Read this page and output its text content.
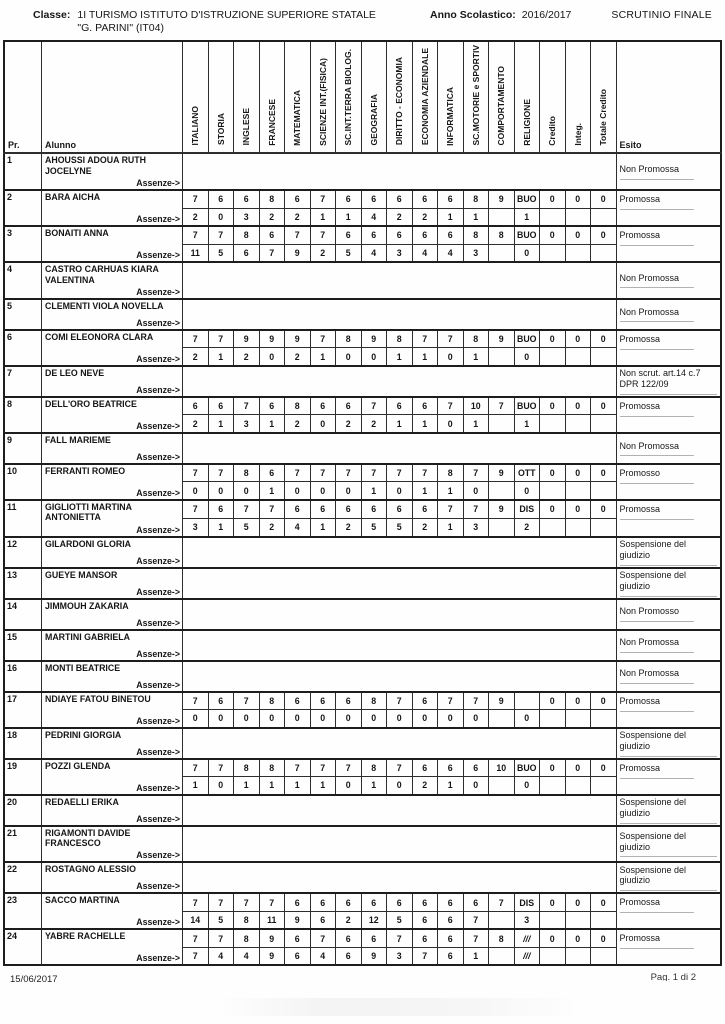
Classe: 1I TURISMO ISTITUTO D'ISTRUZIONE SUPERIORE STATALE
"G. PARINI" (IT04)
Anno Scolastico: 2016/2017	SCRUTINIO FINALE
Pr.	Alunno	ITALIANO	STORIA	INGLESE	FRANCESE	MATEMATICA	SCIENZE INT.(FISICA)	SC.INT.TERRA BIOLOG.	GEOGRAFIA	DIRITTO - ECONOMIA	ECONOMIA AZIENDALE	INFORMATICA	SC.MOTORIE e SPORTIV	COMPORTAMENTO	RELIGIONE	Credito	Integ.	Totale Credito	Esito
1	AHOUSSI ADOUA RUTH JOCELYNE
Assenze->																		Non Promossa
2	BARA AICHA
Assenze->	7	6	6	8	6	7	6	6	6	6	6	8	9	BUO	0	0	0	Promossa
		2	0	3	2	2	1	1	4	2	2	1	1		1				
3	BONAITI ANNA
Assenze->	7	7	8	6	7	7	6	6	6	6	6	8	8	BUO	0	0	0	Promossa
		11	5	6	7	9	2	5	4	3	4	4	3		0				
4	CASTRO CARHUAS KIARA VALENTINA
Assenze->																		Non Promossa
5	CLEMENTI VIOLA NOVELLA
Assenze->																		Non Promossa
6	COMI ELEONORA CLARA
Assenze->	7	7	9	9	9	7	8	9	8	7	7	8	9	BUO	0	0	0	Promossa
		2	1	2	0	2	1	0	0	1	1	0	1		0				
7	DE LEO NEVE
Assenze->																		Non scrut. art.14 c.7 DPR 122/09
8	DELL'ORO BEATRICE
Assenze->	6	6	7	6	8	6	6	7	6	6	7	10	7	BUO	0	0	0	Promossa
		2	1	3	1	2	0	2	2	1	1	0	1		1				
9	FALL MARIEME
Assenze->																		Non Promossa
10	FERRANTI ROMEO
Assenze->	7	7	8	6	7	7	7	7	7	7	8	7	9	OTT	0	0	0	Promosso
		0	0	0	1	0	0	0	1	0	1	1	0		0				
11	GIGLIOTTI MARTINA ANTONIETTA
Assenze->	7	6	7	7	6	6	6	6	6	6	7	7	9	DIS	0	0	0	Promossa
		3	1	5	2	4	1	2	5	5	2	1	3		2				
12	GILARDONI GLORIA
Assenze->																		Sospensione del giudizio
13	GUEYE MANSOR
Assenze->																		Sospensione del giudizio
14	JIMMOUH ZAKARIA
Assenze->																		Non Promosso
15	MARTINI GABRIELA
Assenze->																		Non Promossa
16	MONTI BEATRICE
Assenze->																		Non Promossa
17	NDIAYE FATOU BINETOU
Assenze->	7	6	7	8	6	6	6	8	7	6	7	7	9		0	0	0	Promossa
		0	0	0	0	0	0	0	0	0	0	0	0		0				
18	PEDRINI GIORGIA
Assenze->																		Sospensione del giudizio
19	POZZI GLENDA
Assenze->	7	7	8	8	7	7	7	8	7	6	6	6	10	BUO	0	0	0	Promossa
		1	0	1	1	1	1	0	1	0	2	1	0		0				
20	REDAELLI ERIKA
Assenze->																		Sospensione del giudizio
21	RIGAMONTI DAVIDE FRANCESCO
Assenze->																		Sospensione del giudizio
22	ROSTAGNO ALESSIO
Assenze->																		Sospensione del giudizio
23	SACCO MARTINA
Assenze->	7	7	7	7	6	6	6	6	6	6	6	6	7	DIS	0	0	0	Promossa
		14	5	8	11	9	6	2	12	5	6	6	7		3				
24	YABRE RACHELLE
Assenze->	7	7	8	9	6	7	6	6	7	6	6	7	8	///	0	0	0	Promossa
		7	4	4	9	6	4	6	9	3	7	6	1		///				
15/06/2017	Pag. 1 di 2
